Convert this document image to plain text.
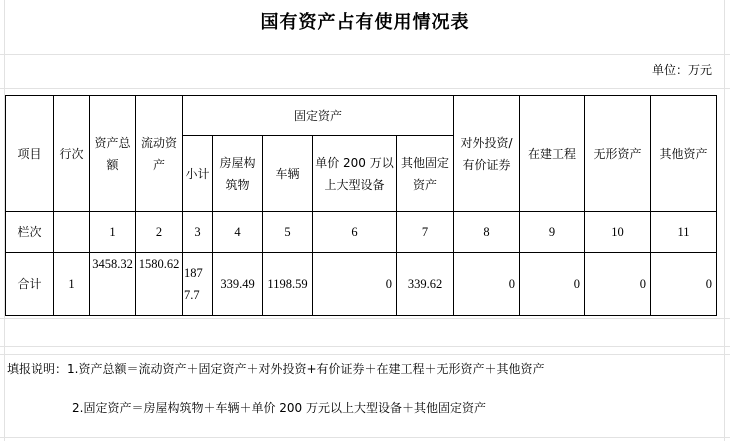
国有资产占有使用情况表
单位：万元
项目	行次	资产总额	流动资产	固定资产					对外投资/有价证券	在建工程	无形资产	其他资产
				小计	房屋构筑物	车辆	单价 200 万以上大型设备	其他固定资产				
栏次		1	2	3	4	5	6	7	8	9	10	11
合计	1	3458.32	1580.62	1877.7	339.49	1198.59	0	339.62	0	0	0	0
填报说明：1.资产总额＝流动资产＋固定资产＋对外投资+有价证券＋在建工程＋无形资产＋其他资产
2.固定资产＝房屋构筑物＋车辆＋单价 200 万元以上大型设备＋其他固定资产
